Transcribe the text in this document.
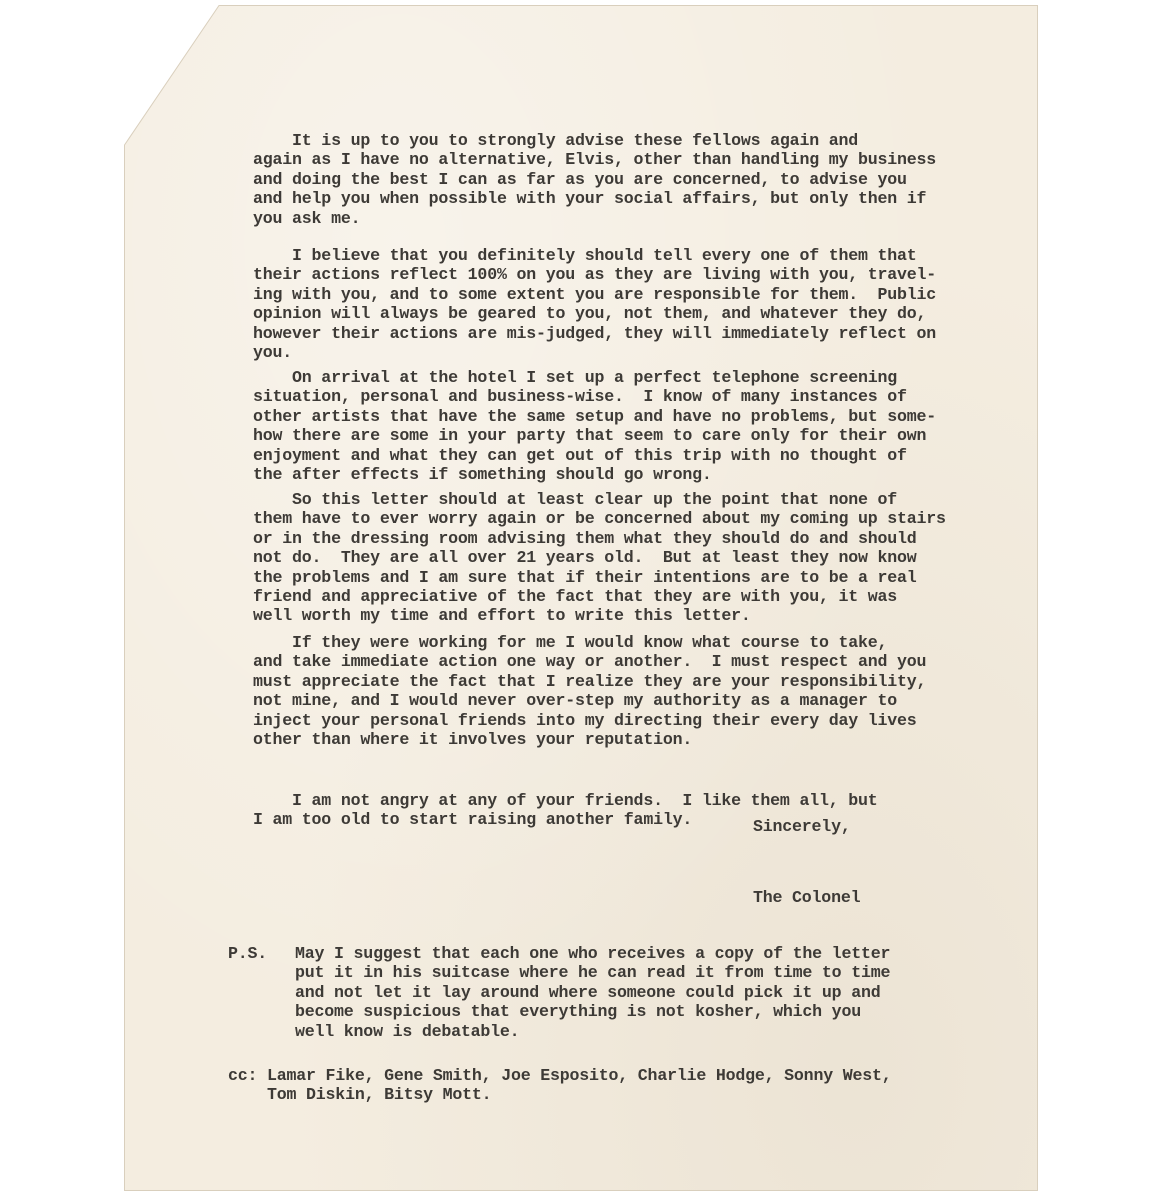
It is up to you to strongly advise these fellows again and
again as I have no alternative, Elvis, other than handling my business
and doing the best I can as far as you are concerned, to advise you
and help you when possible with your social affairs, but only then if
you ask me.

I believe that you definitely should tell every one of them that
their actions reflect 100% on you as they are living with you, travel-
ing with you, and to some extent you are responsible for them.  Public
opinion will always be geared to you, not them, and whatever they do,
however their actions are mis-judged, they will immediately reflect on
you.

On arrival at the hotel I set up a perfect telephone screening
situation, personal and business-wise.  I know of many instances of
other artists that have the same setup and have no problems, but some-
how there are some in your party that seem to care only for their own
enjoyment and what they can get out of this trip with no thought of
the after effects if something should go wrong.

So this letter should at least clear up the point that none of
them have to ever worry again or be concerned about my coming up stairs
or in the dressing room advising them what they should do and should
not do.  They are all over 21 years old.  But at least they now know
the problems and I am sure that if their intentions are to be a real
friend and appreciative of the fact that they are with you, it was
well worth my time and effort to write this letter.

If they were working for me I would know what course to take,
and take immediate action one way or another.  I must respect and you
must appreciate the fact that I realize they are your responsibility,
not mine, and I would never over-step my authority as a manager to
inject your personal friends into my directing their every day lives
other than where it involves your reputation.

I am not angry at any of your friends.  I like them all, but
I am too old to start raising another family.	Sincerely,

The Colonel

P.S. May I suggest that each one who receives a copy of the letter
put it in his suitcase where he can read it from time to time
and not let it lay around where someone could pick it up and
become suspicious that everything is not kosher, which you
well know is debatable.

cc: Lamar Fike, Gene Smith, Joe Esposito, Charlie Hodge, Sonny West,
Tom Diskin, Bitsy Mott.
